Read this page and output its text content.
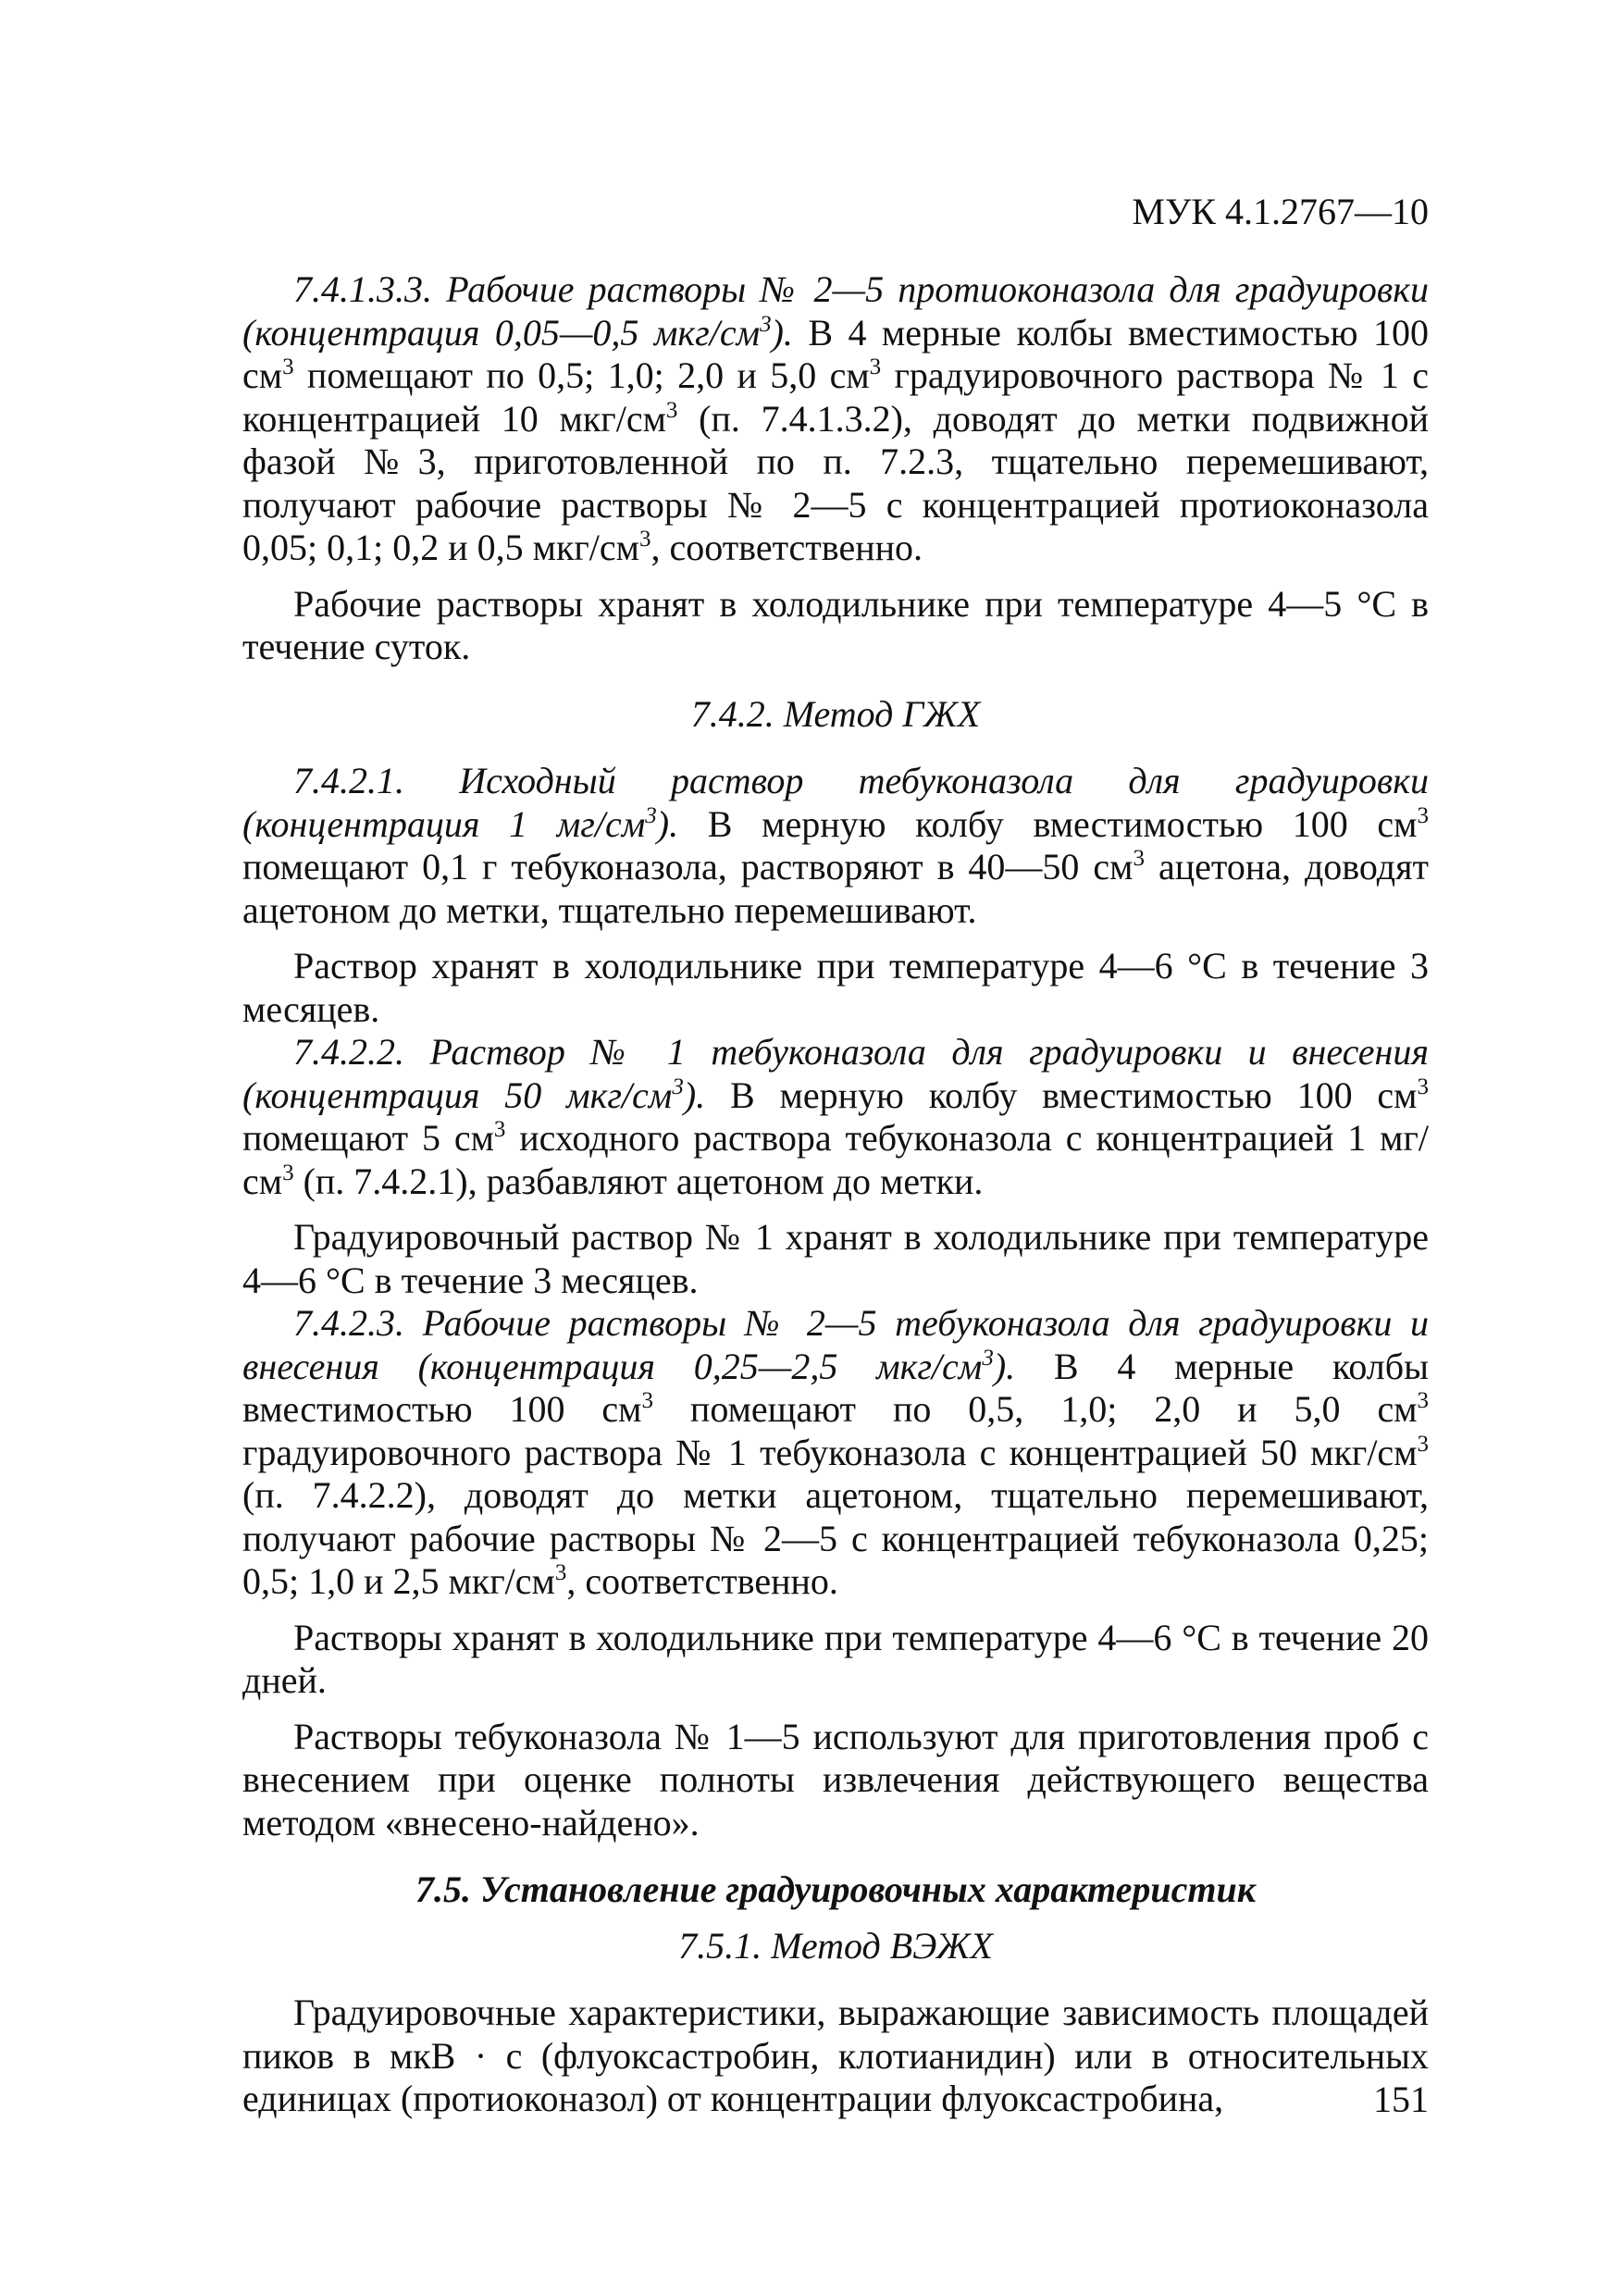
МУК 4.1.2767—10

7.4.1.3.3. Рабочие растворы № 2—5 протиоконазола для градуировки (концентрация 0,05—0,5 мкг/$см^3$). В 4 мерные колбы вместимостью 100 $см^3$ помещают по 0,5; 1,0; 2,0 и 5,0 $см^3$ градуировочного раствора № 1 с концентрацией 10 мкг/$см^3$ (п. 7.4.1.3.2), доводят до метки подвижной фазой №3, приготовленной по п. 7.2.3, тщательно перемешивают, получают рабочие растворы № 2—5 с концентрацией протиоконазола 0,05; 0,1; 0,2 и 0,5 мкг/$см^3$, соответственно.

Рабочие растворы хранят в холодильнике при температуре 4—5 °С в течение суток.

7.4.2. Метод ГЖХ

7.4.2.1. Исходный раствор тебуконазола для градуировки (концентрация 1 $мг/см^3$). В мерную колбу вместимостью 100 $см^3$ помещают 0,1 г тебуконазола, растворяют в 40—50 $см^3$ ацетона, доводят ацетоном до метки, тщательно перемешивают.

Раствор хранят в холодильнике при температуре 4—6 °С в течение 3 месяцев.

7.4.2.2. Раствор № 1 тебуконазола для градуировки и внесения (концентрация 50 мкг/$см^3$). В мерную колбу вместимостью 100 $см^3$ помещают 5 $см^3$ исходного раствора тебуконазола с концентрацией 1 $мг/см^3$ (п. 7.4.2.1), разбавляют ацетоном до метки.

Градуировочный раствор № 1 хранят в холодильнике при температуре 4—6 °С в течение 3 месяцев.

7.4.2.3. Рабочие растворы № 2—5 тебуконазола для градуировки и внесения (концентрация 0,25—2,5 мкг/$см^3$). В 4 мерные колбы вместимостью 100 $см^3$ помещают по 0,5, 1,0; 2,0 и 5,0 $см^3$ градуировочного раствора № 1 тебуконазола с концентрацией 50 мкг/$см^3$ (п. 7.4.2.2), доводят до метки ацетоном, тщательно перемешивают, получают рабочие растворы № 2—5 с концентрацией тебуконазола 0,25; 0,5; 1,0 и 2,5 мкг/$см^3$, соответственно.

Растворы хранят в холодильнике при температуре 4—6 °С в течение 20 дней.

Растворы тебуконазола № 1—5 используют для приготовления проб с внесением при оценке полноты извлечения действующего вещества методом «внесено-найдено».

7.5. Установление градуировочных характеристик

7.5.1. Метод ВЭЖХ

Градуировочные характеристики, выражающие зависимость площадей пиков в мкВ · с (флуоксастробин, клотианидин) или в относительных единицах (протиоконазол) от концентрации флуоксастробина,	151
